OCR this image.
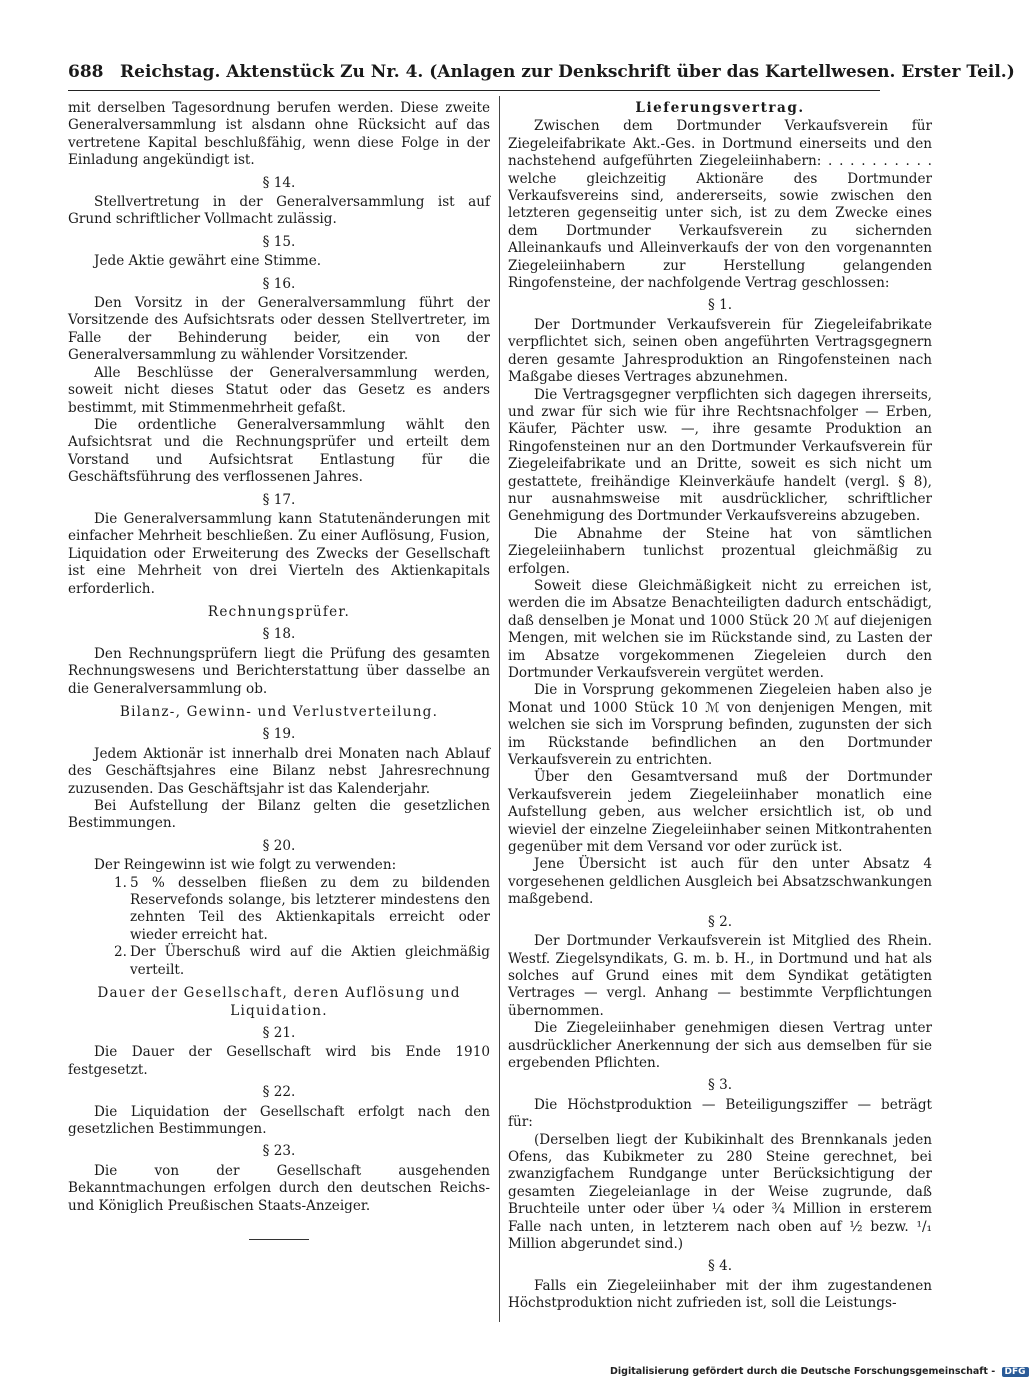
688 Reichstag. Aktenstück Zu Nr. 4. (Anlagen zur Denkschrift über das Kartellwesen. Erster Teil.)

mit derselben Tagesordnung berufen werden. Diese zweite Generalversammlung ist alsdann ohne Rücksicht auf das vertretene Kapital beschlußfähig, wenn diese Folge in der Einladung angekündigt ist.

§ 14.

Stellvertretung in der Generalversammlung ist auf Grund schriftlicher Vollmacht zulässig.

§ 15.

Jede Aktie gewährt eine Stimme.

§ 16.

Den Vorsitz in der Generalversammlung führt der Vorsitzende des Aufsichtsrats oder dessen Stellvertreter, im Falle der Behinderung beider, ein von der Generalversammlung zu wählender Vorsitzender.

Alle Beschlüsse der Generalversammlung werden, soweit nicht dieses Statut oder das Gesetz es anders bestimmt, mit Stimmenmehrheit gefaßt.

Die ordentliche Generalversammlung wählt den Aufsichtsrat und die Rechnungsprüfer und erteilt dem Vorstand und Aufsichtsrat Entlastung für die Geschäftsführung des verflossenen Jahres.

§ 17.

Die Generalversammlung kann Statutenänderungen mit einfacher Mehrheit beschließen. Zu einer Auflösung, Fusion, Liquidation oder Erweiterung des Zwecks der Gesellschaft ist eine Mehrheit von drei Vierteln des Aktienkapitals erforderlich.

Rechnungsprüfer.
§ 18.

Den Rechnungsprüfern liegt die Prüfung des gesamten Rechnungswesens und Berichterstattung über dasselbe an die Generalversammlung ob.

Bilanz-, Gewinn- und Verlustverteilung.
§ 19.

Jedem Aktionär ist innerhalb drei Monaten nach Ablauf des Geschäftsjahres eine Bilanz nebst Jahresrechnung zuzusenden. Das Geschäftsjahr ist das Kalenderjahr.

Bei Aufstellung der Bilanz gelten die gesetzlichen Bestimmungen.

§ 20.

Der Reingewinn ist wie folgt zu verwenden:

1. 5 % desselben fließen zu dem zu bildenden Reservefonds solange, bis letzterer mindestens den zehnten Teil des Aktienkapitals erreicht oder wieder erreicht hat.
2. Der Überschuß wird auf die Aktien gleichmäßig verteilt.
Dauer der Gesellschaft, deren Auflösung und Liquidation.
§ 21.

Die Dauer der Gesellschaft wird bis Ende 1910 festgesetzt.

§ 22.

Die Liquidation der Gesellschaft erfolgt nach den gesetzlichen Bestimmungen.

§ 23.

Die von der Gesellschaft ausgehenden Bekanntmachungen erfolgen durch den deutschen Reichs- und Königlich Preußischen Staats-Anzeiger.

Lieferungsvertrag.

Zwischen dem Dortmunder Verkaufsverein für Ziegeleifabrikate Akt.-Ges. in Dortmund einerseits und den nachstehend aufgeführten Ziegeleiinhabern: . . . . . . . . . . welche gleichzeitig Aktionäre des Dortmunder Verkaufsvereins sind, andererseits, sowie zwischen den letzteren gegenseitig unter sich, ist zu dem Zwecke eines dem Dortmunder Verkaufsverein zu sichernden Alleinankaufs und Alleinverkaufs der von den vorgenannten Ziegeleiinhabern zur Herstellung gelangenden Ringofensteine, der nachfolgende Vertrag geschlossen:

§ 1.

Der Dortmunder Verkaufsverein für Ziegeleifabrikate verpflichtet sich, seinen oben angeführten Vertragsgegnern deren gesamte Jahresproduktion an Ringofensteinen nach Maßgabe dieses Vertrages abzunehmen.

Die Vertragsgegner verpflichten sich dagegen ihrerseits, und zwar für sich wie für ihre Rechtsnachfolger — Erben, Käufer, Pächter usw. —, ihre gesamte Produktion an Ringofensteinen nur an den Dortmunder Verkaufsverein für Ziegeleifabrikate und an Dritte, soweit es sich nicht um gestattete, freihändige Kleinverkäufe handelt (vergl. § 8), nur ausnahmsweise mit ausdrücklicher, schriftlicher Genehmigung des Dortmunder Verkaufsvereins abzugeben.

Die Abnahme der Steine hat von sämtlichen Ziegeleiinhabern tunlichst prozentual gleichmäßig zu erfolgen.

Soweit diese Gleichmäßigkeit nicht zu erreichen ist, werden die im Absatze Benachteiligten dadurch entschädigt, daß denselben je Monat und 1000 Stück 20 ℳ auf diejenigen Mengen, mit welchen sie im Rückstande sind, zu Lasten der im Absatze vorgekommenen Ziegeleien durch den Dortmunder Verkaufsverein vergütet werden.

Die in Vorsprung gekommenen Ziegeleien haben also je Monat und 1000 Stück 10 ℳ von denjenigen Mengen, mit welchen sie sich im Vorsprung befinden, zugunsten der sich im Rückstande befindlichen an den Dortmunder Verkaufsverein zu entrichten.

Über den Gesamtversand muß der Dortmunder Verkaufsverein jedem Ziegeleiinhaber monatlich eine Aufstellung geben, aus welcher ersichtlich ist, ob und wieviel der einzelne Ziegeleiinhaber seinen Mitkontrahenten gegenüber mit dem Versand vor oder zurück ist.

Jene Übersicht ist auch für den unter Absatz 4 vorgesehenen geldlichen Ausgleich bei Absatzschwankungen maßgebend.

§ 2.

Der Dortmunder Verkaufsverein ist Mitglied des Rhein. Westf. Ziegelsyndikats, G. m. b. H., in Dortmund und hat als solches auf Grund eines mit dem Syndikat getätigten Vertrages — vergl. Anhang — bestimmte Verpflichtungen übernommen.

Die Ziegeleiinhaber genehmigen diesen Vertrag unter ausdrücklicher Anerkennung der sich aus demselben für sie ergebenden Pflichten.

§ 3.

Die Höchstproduktion — Beteiligungsziffer — beträgt für:

(Derselben liegt der Kubikinhalt des Brennkanals jeden Ofens, das Kubikmeter zu 280 Steine gerechnet, bei zwanzigfachem Rundgange unter Berücksichtigung der gesamten Ziegeleianlage in der Weise zugrunde, daß Bruchteile unter oder über ¼ oder ¾ Million in ersterem Falle nach unten, in letzterem nach oben auf ½ bezw. ¹/₁ Million abgerundet sind.)

§ 4.

Falls ein Ziegeleiinhaber mit der ihm zugestandenen Höchstproduktion nicht zufrieden ist, soll die Leistungs-

Digitalisierung gefördert durch die Deutsche Forschungsgemeinschaft - DFG
